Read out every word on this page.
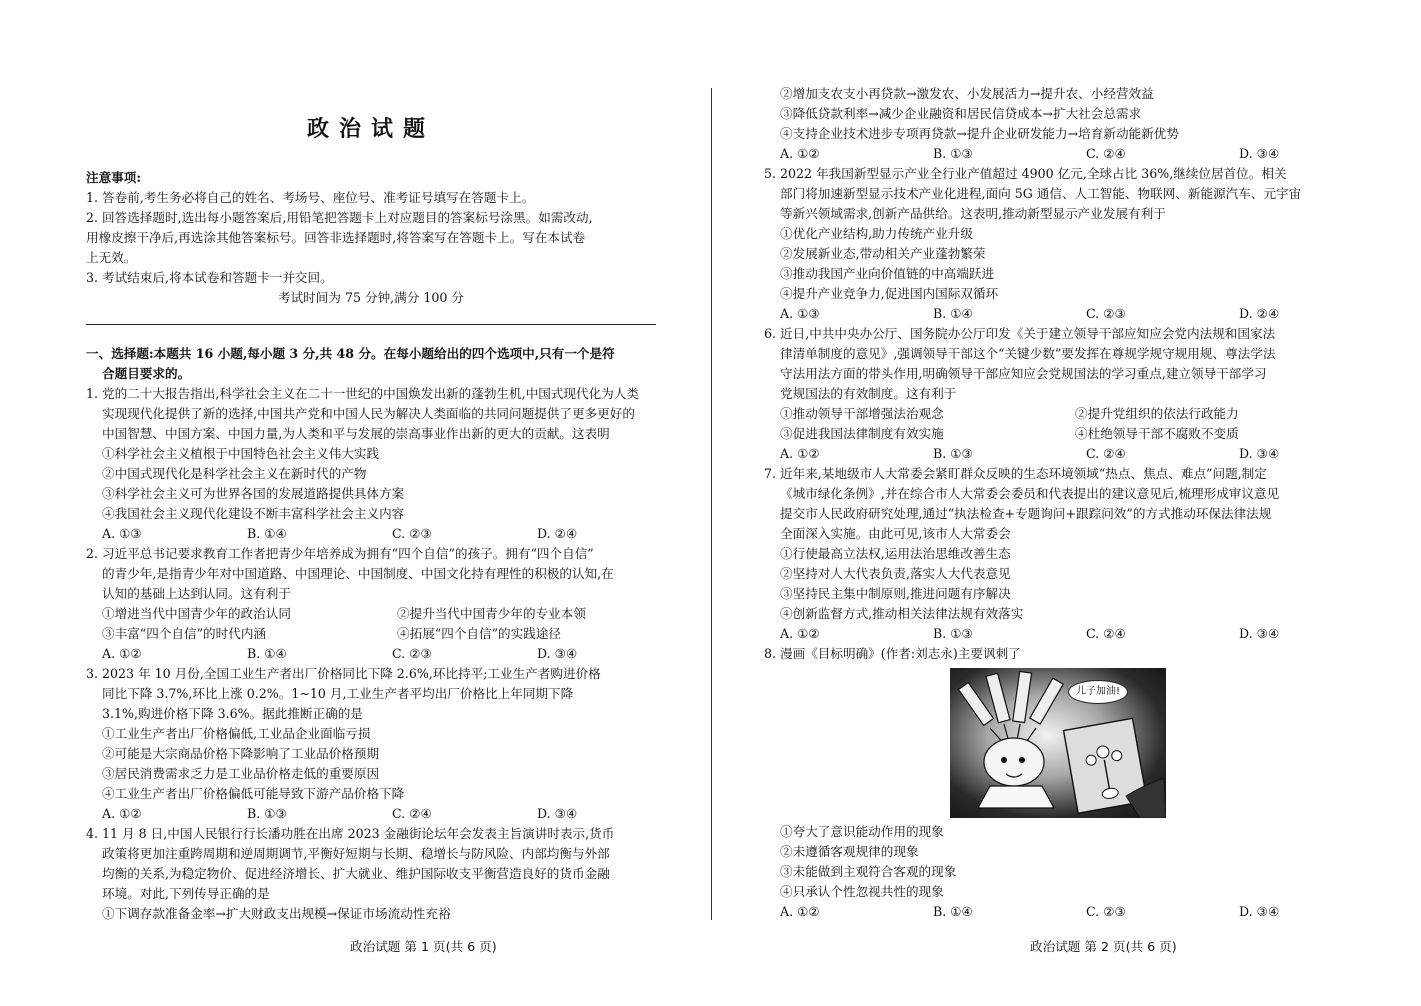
政治试题
注意事项:
1. 答卷前,考生务必将自己的姓名、考场号、座位号、准考证号填写在答题卡上。
2. 回答选择题时,选出每小题答案后,用铅笔把答题卡上对应题目的答案标号涂黑。如需改动,
用橡皮擦干净后,再选涂其他答案标号。回答非选择题时,将答案写在答题卡上。写在本试卷
上无效。
3. 考试结束后,将本试卷和答题卡一并交回。
考试时间为 75 分钟,满分 100 分
一、选择题:本题共 16 小题,每小题 3 分,共 48 分。在每小题给出的四个选项中,只有一个是符
合题目要求的。
1. 党的二十大报告指出,科学社会主义在二十一世纪的中国焕发出新的蓬勃生机,中国式现代化为人类
实现现代化提供了新的选择,中国共产党和中国人民为解决人类面临的共同问题提供了更多更好的
中国智慧、中国方案、中国力量,为人类和平与发展的崇高事业作出新的更大的贡献。这表明
①科学社会主义植根于中国特色社会主义伟大实践
②中国式现代化是科学社会主义在新时代的产物
③科学社会主义可为世界各国的发展道路提供具体方案
④我国社会主义现代化建设不断丰富科学社会主义内容
A. ①③	B. ①④	C. ②③	D. ②④
2. 习近平总书记要求教育工作者把青少年培养成为拥有“四个自信”的孩子。拥有“四个自信”
的青少年,是指青少年对中国道路、中国理论、中国制度、中国文化持有理性的积极的认知,在
认知的基础上达到认同。这有利于
①增进当代中国青少年的政治认同	②提升当代中国青少年的专业本领
③丰富“四个自信”的时代内涵	④拓展“四个自信”的实践途径
A. ①②	B. ①④	C. ②③	D. ③④
3. 2023 年 10 月份,全国工业生产者出厂价格同比下降 2.6%,环比持平;工业生产者购进价格
同比下降 3.7%,环比上涨 0.2%。1~10 月,工业生产者平均出厂价格比上年同期下降
3.1%,购进价格下降 3.6%。据此推断正确的是
①工业生产者出厂价格偏低,工业品企业面临亏损
②可能是大宗商品价格下降影响了工业品价格预期
③居民消费需求乏力是工业品价格走低的重要原因
④工业生产者出厂价格偏低可能导致下游产品价格下降
A. ①②	B. ①③	C. ②④	D. ③④
4. 11 月 8 日,中国人民银行行长潘功胜在出席 2023 金融街论坛年会发表主旨演讲时表示,货币
政策将更加注重跨周期和逆周期调节,平衡好短期与长期、稳增长与防风险、内部均衡与外部
均衡的关系,为稳定物价、促进经济增长、扩大就业、维护国际收支平衡营造良好的货币金融
环境。对此,下列传导正确的是
①下调存款准备金率→扩大财政支出规模→保证市场流动性充裕
②增加支农支小再贷款→激发农、小发展活力→提升农、小经营效益
③降低贷款利率→减少企业融资和居民信贷成本→扩大社会总需求
④支持企业技术进步专项再贷款→提升企业研发能力→培育新动能新优势
A. ①②	B. ①③	C. ②④	D. ③④
5. 2022 年我国新型显示产业全行业产值超过 4900 亿元,全球占比 36%,继续位居首位。相关
部门将加速新型显示技术产业化进程,面向 5G 通信、人工智能、物联网、新能源汽车、元宇宙
等新兴领域需求,创新产品供给。这表明,推动新型显示产业发展有利于
①优化产业结构,助力传统产业升级
②发展新业态,带动相关产业蓬勃繁荣
③推动我国产业向价值链的中高端跃进
④提升产业竞争力,促进国内国际双循环
A. ①③	B. ①④	C. ②③	D. ②④
6. 近日,中共中央办公厅、国务院办公厅印发《关于建立领导干部应知应会党内法规和国家法
律清单制度的意见》,强调领导干部这个“关键少数”要发挥在尊规学规守规用规、尊法学法
守法用法方面的带头作用,明确领导干部应知应会党规国法的学习重点,建立领导干部学习
党规国法的有效制度。这有利于
①推动领导干部增强法治观念	②提升党组织的依法行政能力
③促进我国法律制度有效实施	④杜绝领导干部不腐败不变质
A. ①②	B. ①③	C. ②④	D. ③④
7. 近年来,某地级市人大常委会紧盯群众反映的生态环境领域“热点、焦点、难点”问题,制定
《城市绿化条例》,并在综合市人大常委会委员和代表提出的建议意见后,梳理形成审议意见
提交市人民政府研究处理,通过“执法检查+专题询问+跟踪问效”的方式推动环保法律法规
全面深入实施。由此可见,该市人大常委会
①行使最高立法权,运用法治思维改善生态
②坚持对人大代表负责,落实人大代表意见
③坚持民主集中制原则,推进问题有序解决
④创新监督方式,推动相关法律法规有效落实
A. ①②	B. ①③	C. ②④	D. ③④
8. 漫画《目标明确》(作者:刘志永)主要讽刺了
①夸大了意识能动作用的现象
②未遵循客观规律的现象
③未能做到主观符合客观的现象
④只承认个性忽视共性的现象
A. ①②	B. ①④	C. ②③	D. ③④
儿子加油!
政治试题 第 1 页(共 6 页)	政治试题 第 2 页(共 6 页)
